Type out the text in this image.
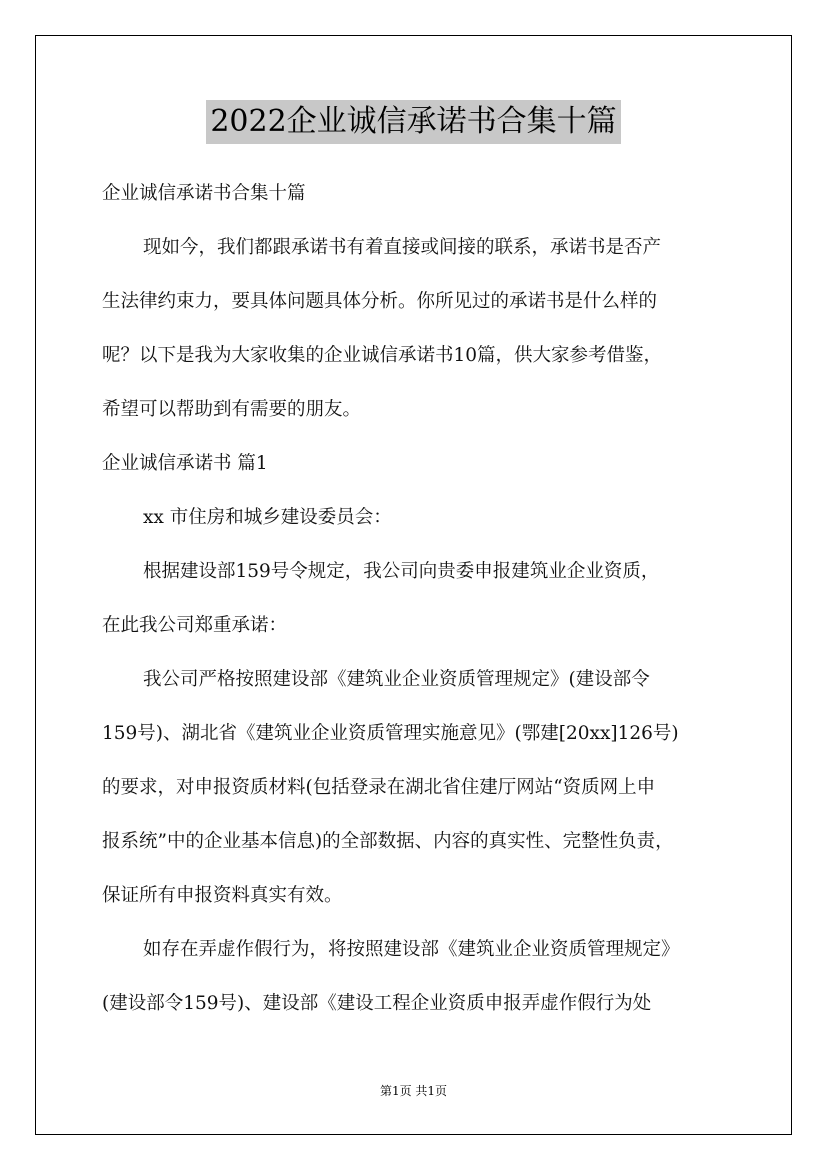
2022企业诚信承诺书合集十篇
企业诚信承诺书合集十篇
现如今，我们都跟承诺书有着直接或间接的联系，承诺书是否产
生法律约束力，要具体问题具体分析。你所见过的承诺书是什么样的
呢？以下是我为大家收集的企业诚信承诺书10篇，供大家参考借鉴，
希望可以帮助到有需要的朋友。
企业诚信承诺书 篇1
xx 市住房和城乡建设委员会：
根据建设部159号令规定，我公司向贵委申报建筑业企业资质，
在此我公司郑重承诺：
我公司严格按照建设部《建筑业企业资质管理规定》(建设部令
159号)、湖北省《建筑业企业资质管理实施意见》(鄂建[20xx]126号)
的要求，对申报资质材料(包括登录在湖北省住建厅网站“资质网上申
报系统”中的企业基本信息)的全部数据、内容的真实性、完整性负责，
保证所有申报资料真实有效。
如存在弄虚作假行为，将按照建设部《建筑业企业资质管理规定》
(建设部令159号)、建设部《建设工程企业资质申报弄虚作假行为处
第1页 共1页
